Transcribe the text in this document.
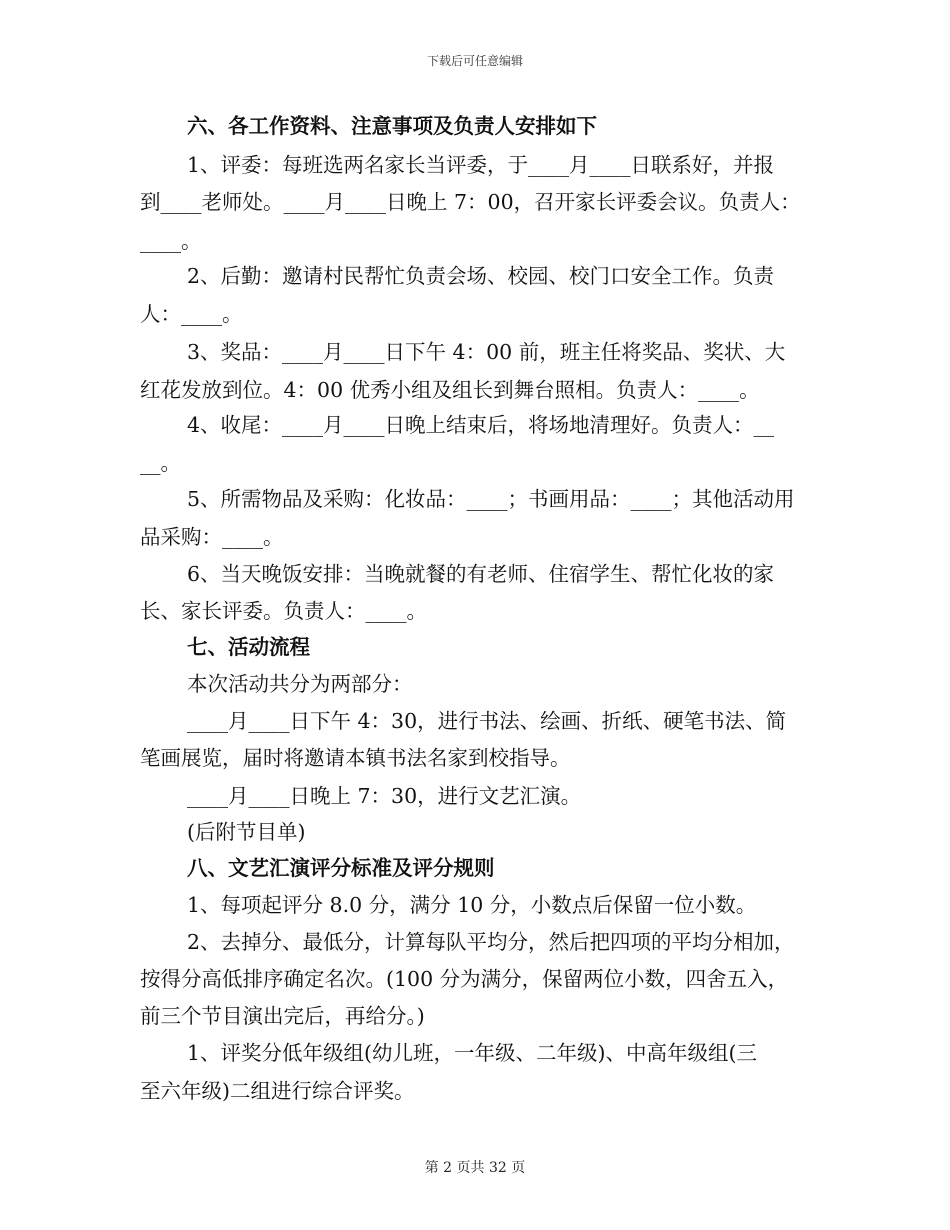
下载后可任意编辑
六、各工作资料、注意事项及负责人安排如下
1、评委：每班选两名家长当评委，于____月____日联系好，并报
到____老师处。____月____日晚上 7：00，召开家长评委会议。负责人：
____。
2、后勤：邀请村民帮忙负责会场、校园、校门口安全工作。负责
人：____。
3、奖品：____月____日下午 4：00 前，班主任将奖品、奖状、大
红花发放到位。4：00 优秀小组及组长到舞台照相。负责人：____。
4、收尾：____月____日晚上结束后，将场地清理好。负责人：__
__。
5、所需物品及采购：化妆品：____；书画用品：____；其他活动用
品采购：____。
6、当天晚饭安排：当晚就餐的有老师、住宿学生、帮忙化妆的家
长、家长评委。负责人：____。
七、活动流程
本次活动共分为两部分：
____月____日下午 4：30，进行书法、绘画、折纸、硬笔书法、简
笔画展览，届时将邀请本镇书法名家到校指导。
____月____日晚上 7：30，进行文艺汇演。
(后附节目单)
八、文艺汇演评分标准及评分规则
1、每项起评分 8.0 分，满分 10 分，小数点后保留一位小数。
2、去掉分、最低分，计算每队平均分，然后把四项的平均分相加，
按得分高低排序确定名次。(100 分为满分，保留两位小数，四舍五入，
前三个节目演出完后，再给分。)
1、评奖分低年级组(幼儿班，一年级、二年级)、中高年级组(三
至六年级)二组进行综合评奖。
第 2 页共 32 页
